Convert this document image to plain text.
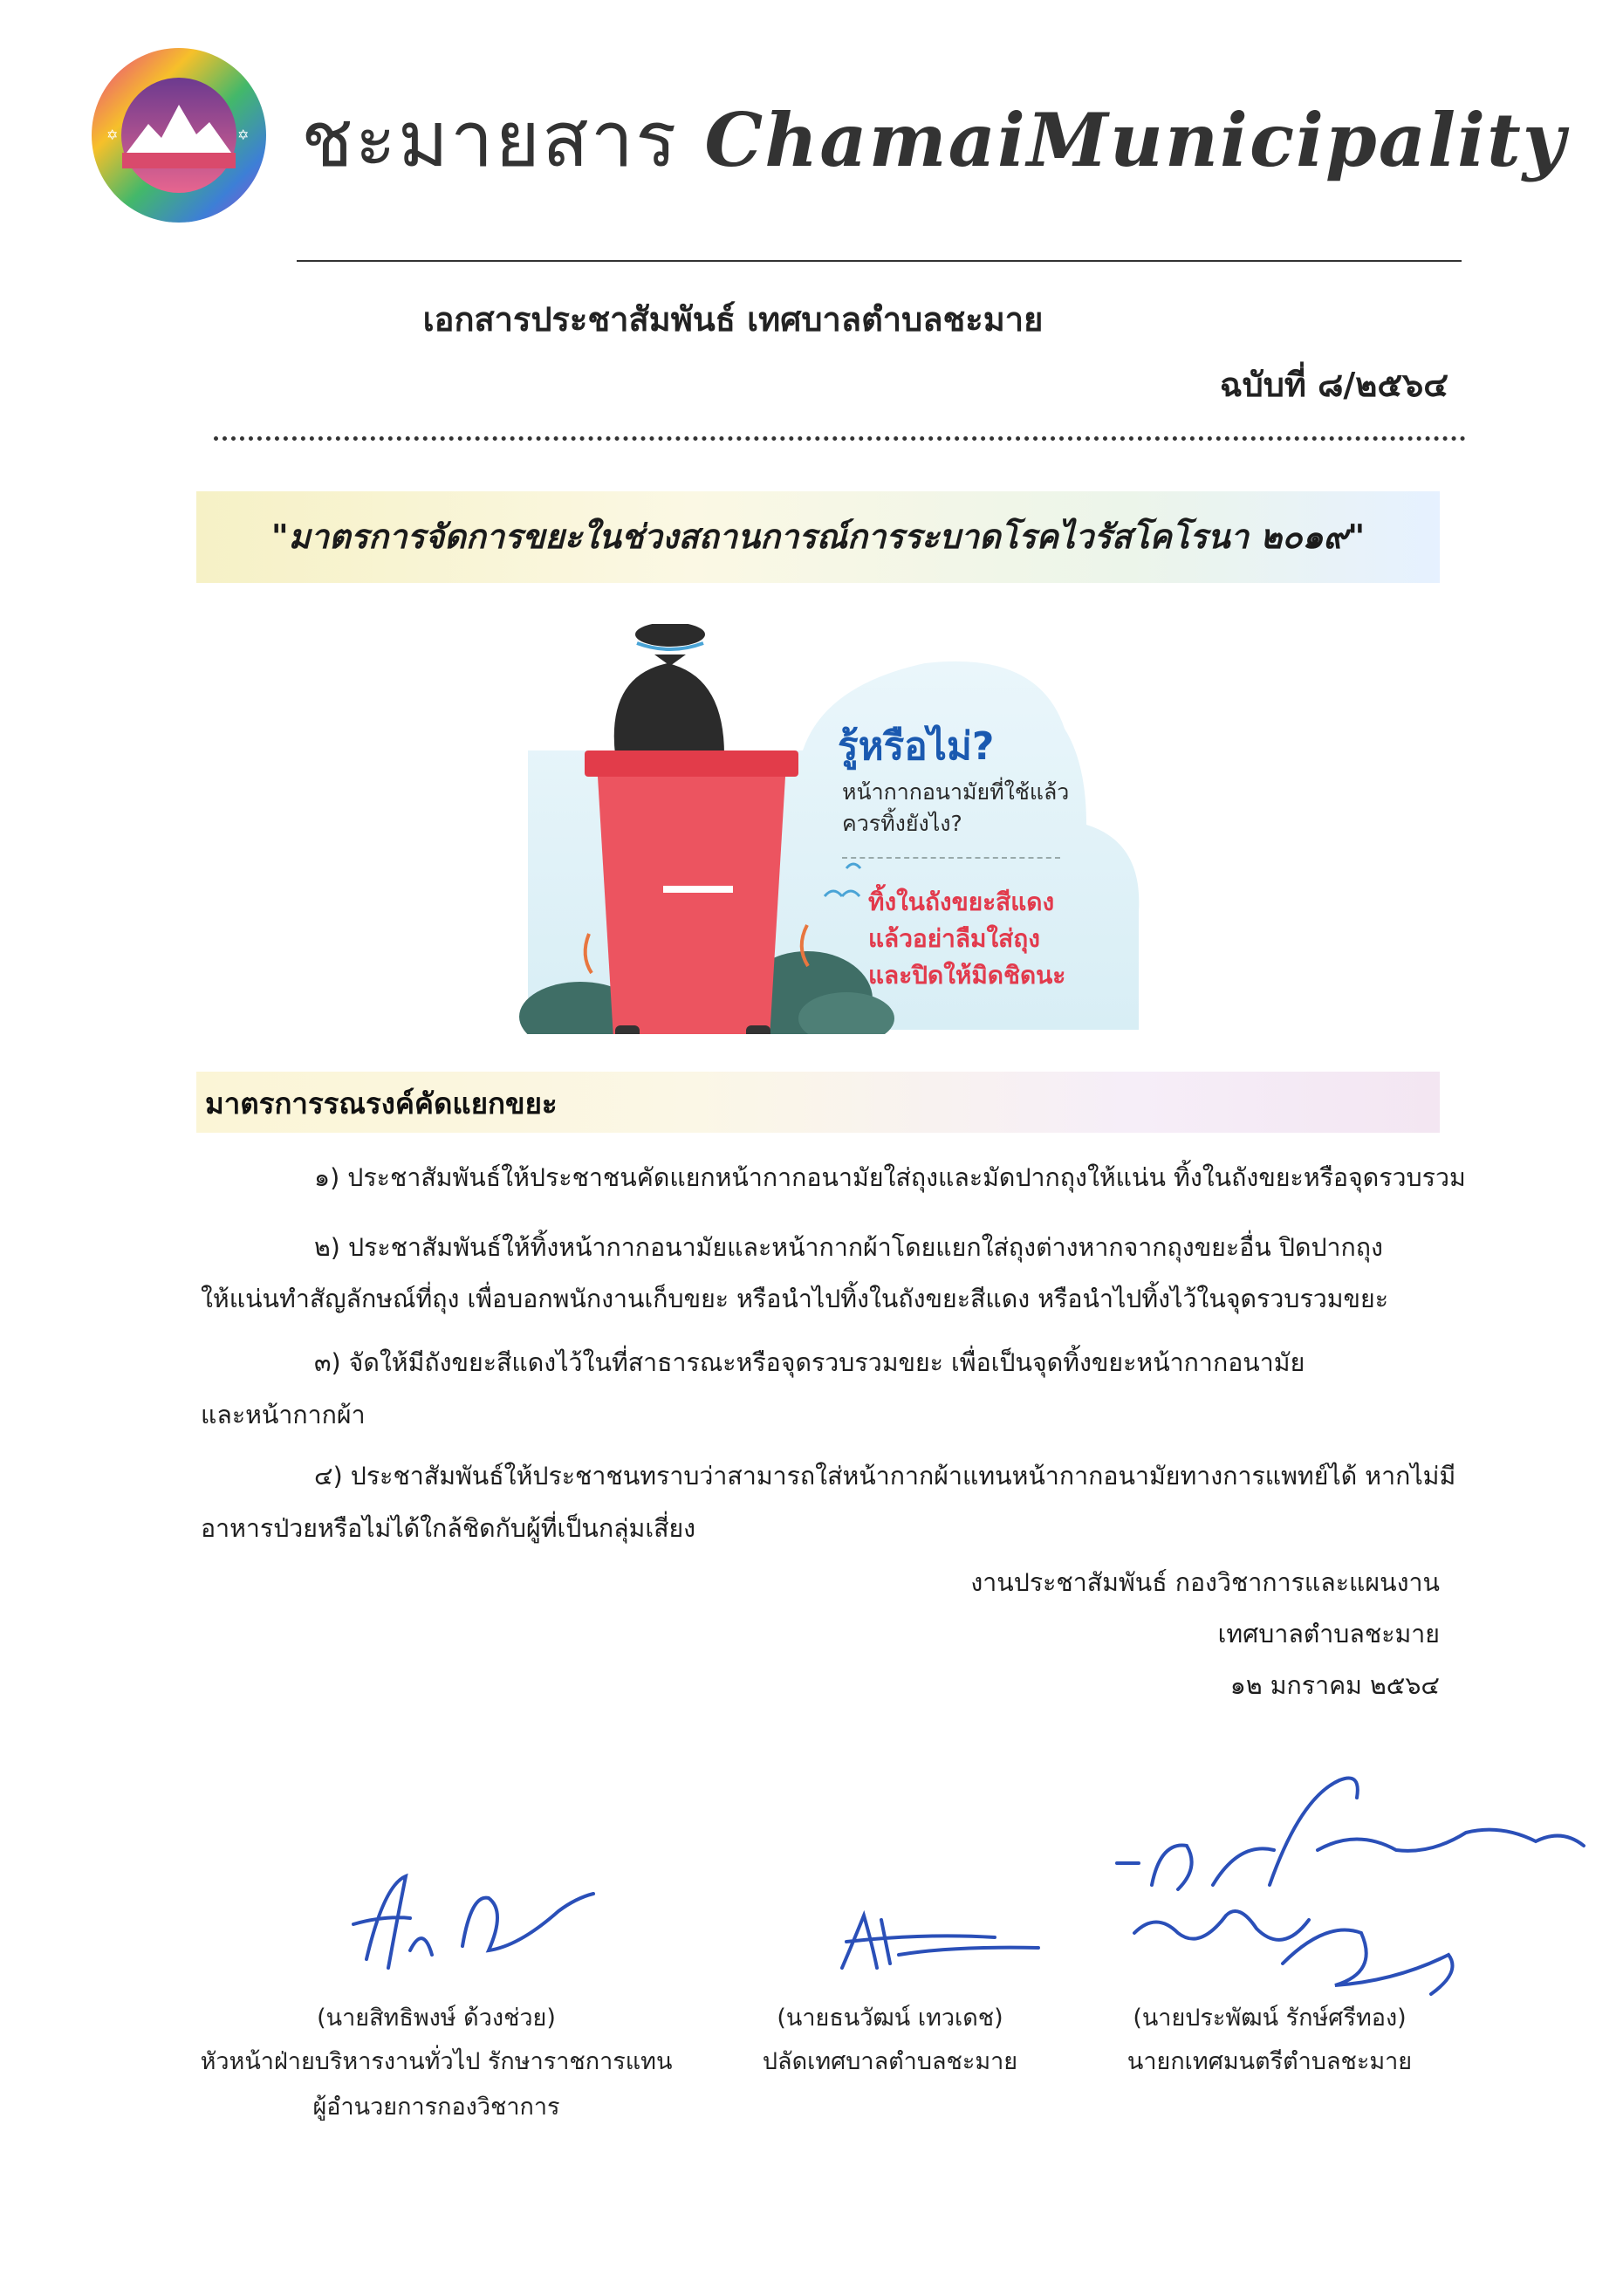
✡	✡ ชะมายสาร ChamaiMunicipality
เอกสารประชาสัมพันธ์ เทศบาลตำบลชะมาย
ฉบับที่ ๘/๒๕๖๔
"มาตรการจัดการขยะในช่วงสถานการณ์การระบาดโรคไวรัสโคโรนา ๒๐๑๙"
รู้หรือไม่?
หน้ากากอนามัยที่ใช้แล้ว
ควรทิ้งยังไง?
ทิ้งในถังขยะสีแดง
แล้วอย่าลืมใส่ถุง
และปิดให้มิดชิดนะ
มาตรการรณรงค์คัดแยกขยะ
๑) ประชาสัมพันธ์ให้ประชาชนคัดแยกหน้ากากอนามัยใส่ถุงและมัดปากถุงให้แน่น ทิ้งในถังขยะหรือจุดรวบรวม
๒) ประชาสัมพันธ์ให้ทิ้งหน้ากากอนามัยและหน้ากากผ้าโดยแยกใส่ถุงต่างหากจากถุงขยะอื่น ปิดปากถุง
ให้แน่นทำสัญลักษณ์ที่ถุง เพื่อบอกพนักงานเก็บขยะ หรือนำไปทิ้งในถังขยะสีแดง หรือนำไปทิ้งไว้ในจุดรวบรวมขยะ
๓) จัดให้มีถังขยะสีแดงไว้ในที่สาธารณะหรือจุดรวบรวมขยะ เพื่อเป็นจุดทิ้งขยะหน้ากากอนามัย
และหน้ากากผ้า
๔) ประชาสัมพันธ์ให้ประชาชนทราบว่าสามารถใส่หน้ากากผ้าแทนหน้ากากอนามัยทางการแพทย์ได้ หากไม่มี
อาหารป่วยหรือไม่ได้ใกล้ชิดกับผู้ที่เป็นกลุ่มเสี่ยง
งานประชาสัมพันธ์ กองวิชาการและแผนงาน
เทศบาลตำบลชะมาย
๑๒ มกราคม ๒๕๖๔
(นายสิทธิพงษ์ ด้วงช่วย)
หัวหน้าฝ่ายบริหารงานทั่วไป รักษาราชการแทน
ผู้อำนวยการกองวิชาการ
(นายธนวัฒน์ เทวเดช)
ปลัดเทศบาลตำบลชะมาย
(นายประพัฒน์ รักษ์ศรีทอง)
นายกเทศมนตรีตำบลชะมาย
